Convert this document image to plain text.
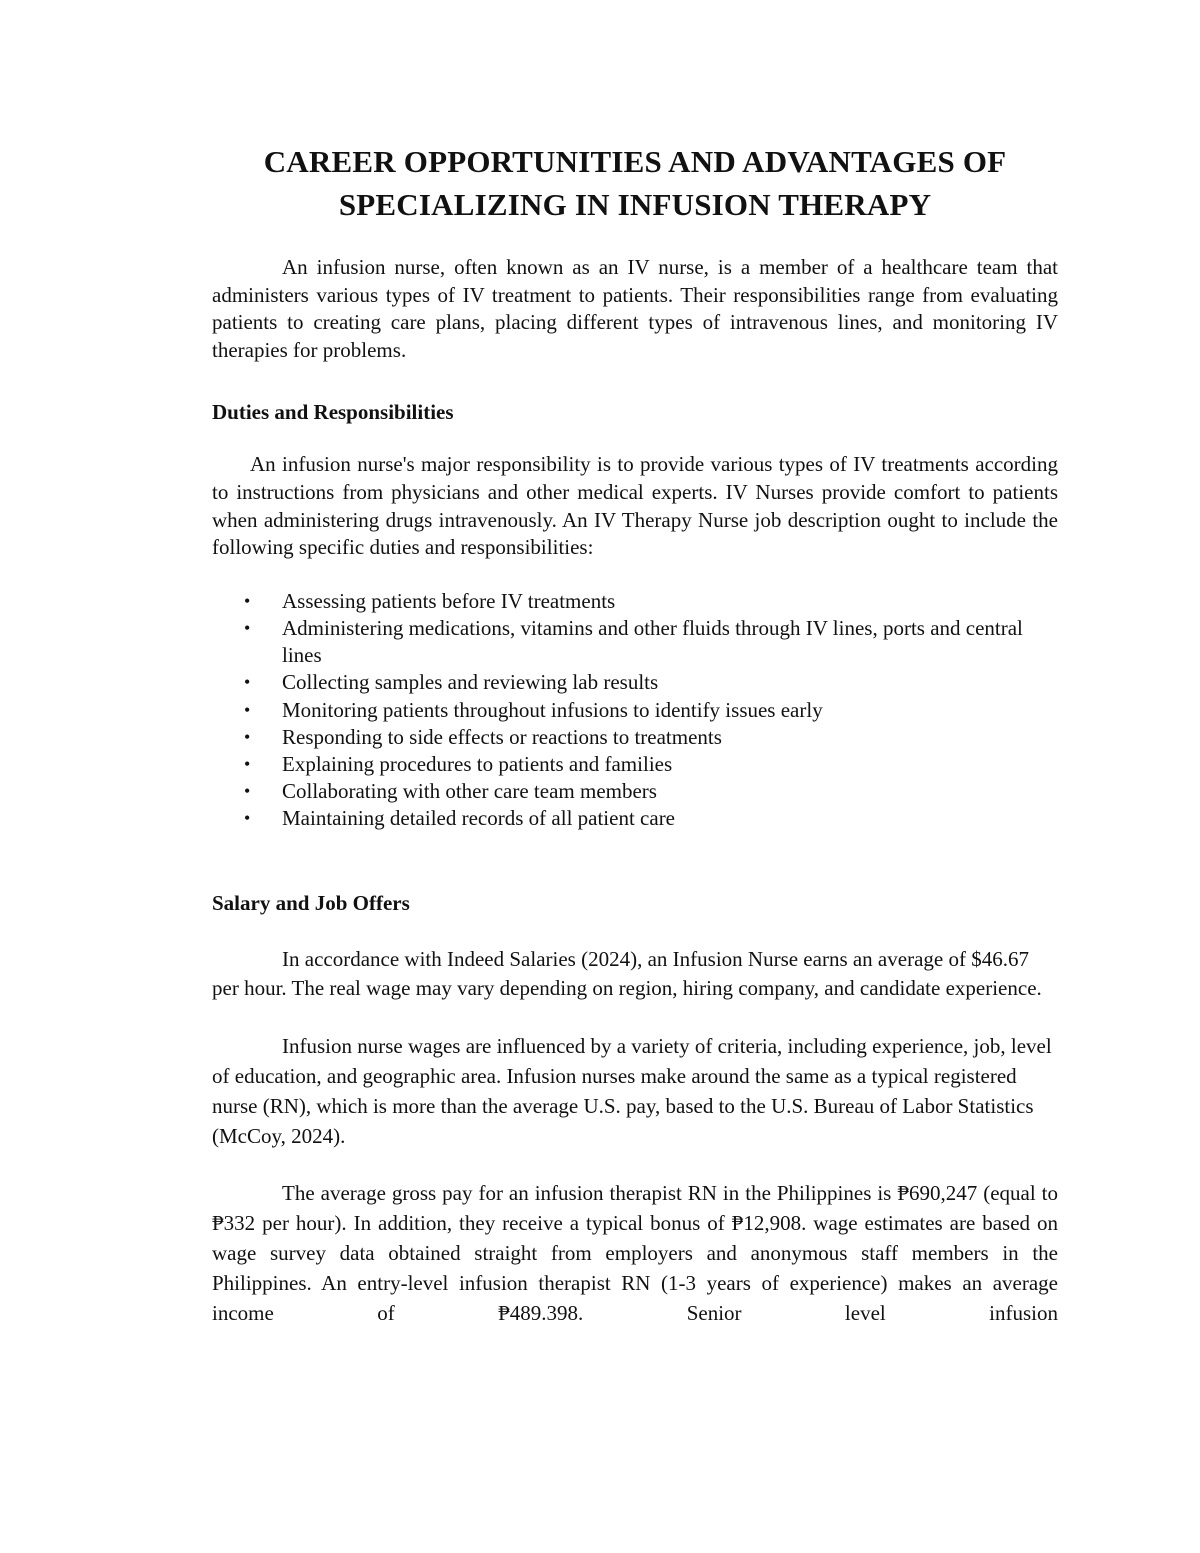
CAREER OPPORTUNITIES AND ADVANTAGES OF
SPECIALIZING IN INFUSION THERAPY

An infusion nurse, often known as an IV nurse, is a member of a healthcare team that administers various types of IV treatment to patients. Their responsibilities range from evaluating patients to creating care plans, placing different types of intravenous lines, and monitoring IV therapies for problems.

Duties and Responsibilities

An infusion nurse's major responsibility is to provide various types of IV treatments according to instructions from physicians and other medical experts. IV Nurses provide comfort to patients when administering drugs intravenously. An IV Therapy Nurse job description ought to include the following specific duties and responsibilities:

• Assessing patients before IV treatments
• Administering medications, vitamins and other fluids through IV lines, ports and central lines
• Collecting samples and reviewing lab results
• Monitoring patients throughout infusions to identify issues early
• Responding to side effects or reactions to treatments
• Explaining procedures to patients and families
• Collaborating with other care team members
• Maintaining detailed records of all patient care
Salary and Job Offers

In accordance with Indeed Salaries (2024), an Infusion Nurse earns an average of $46.67 per hour. The real wage may vary depending on region, hiring company, and candidate experience.

Infusion nurse wages are influenced by a variety of criteria, including experience, job, level of education, and geographic area. Infusion nurses make around the same as a typical registered nurse (RN), which is more than the average U.S. pay, based to the U.S. Bureau of Labor Statistics (McCoy, 2024).

The average gross pay for an infusion therapist RN in the Philippines is ₱690,247 (equal to ₱332 per hour). In addition, they receive a typical bonus of ₱12,908. wage estimates are based on wage survey data obtained straight from employers and anonymous staff members in the Philippines. An entry-level infusion therapist RN (1-3 years of experience) makes an average income of ₱489.398. Senior level infusion
